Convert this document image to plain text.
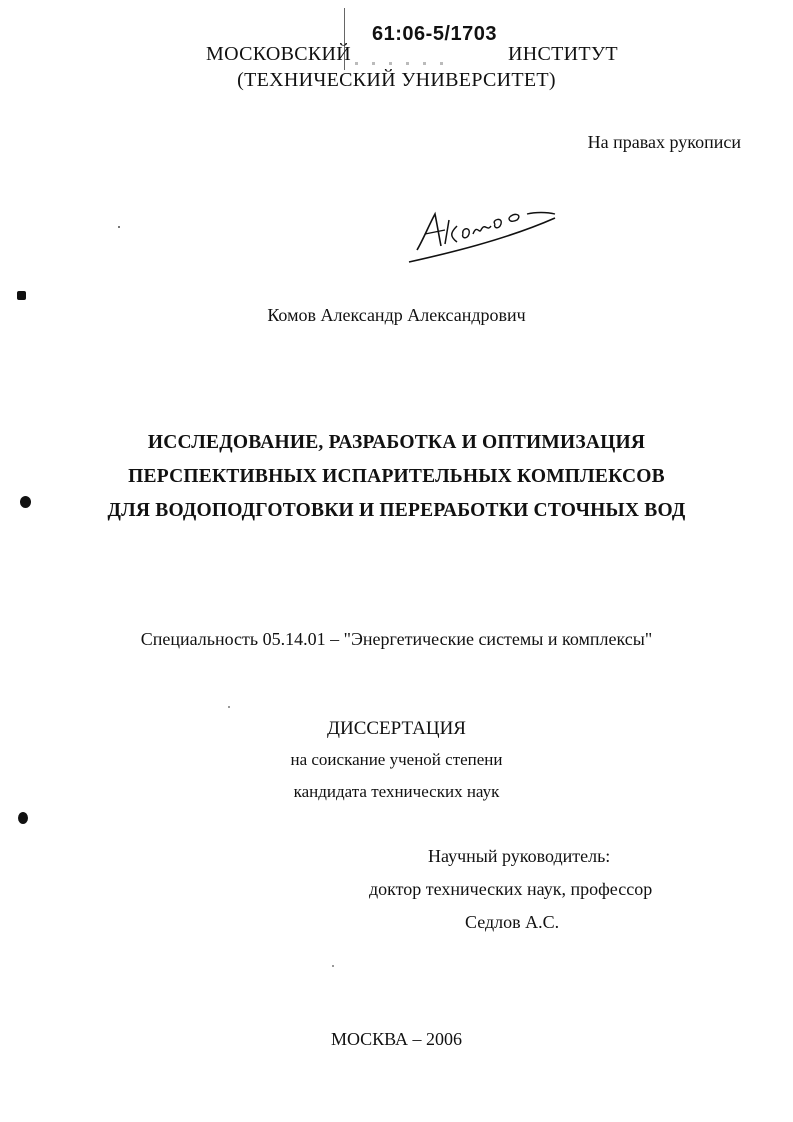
МОСКОВСКИЙ	ИНСТИТУТ
(ТЕХНИЧЕСКИЙ УНИВЕРСИТЕТ)
61:06-5/1703
На правах рукописи
Комов Александр Александрович
ИССЛЕДОВАНИЕ, РАЗРАБОТКА И ОПТИМИЗАЦИЯ
ПЕРСПЕКТИВНЫХ ИСПАРИТЕЛЬНЫХ КОМПЛЕКСОВ
ДЛЯ ВОДОПОДГОТОВКИ И ПЕРЕРАБОТКИ СТОЧНЫХ ВОД
Специальность 05.14.01 – "Энергетические системы и комплексы"
ДИССЕРТАЦИЯ
на соискание ученой степени
кандидата технических наук
Научный руководитель:
доктор технических наук, профессор
Седлов А.С.
МОСКВА – 2006
